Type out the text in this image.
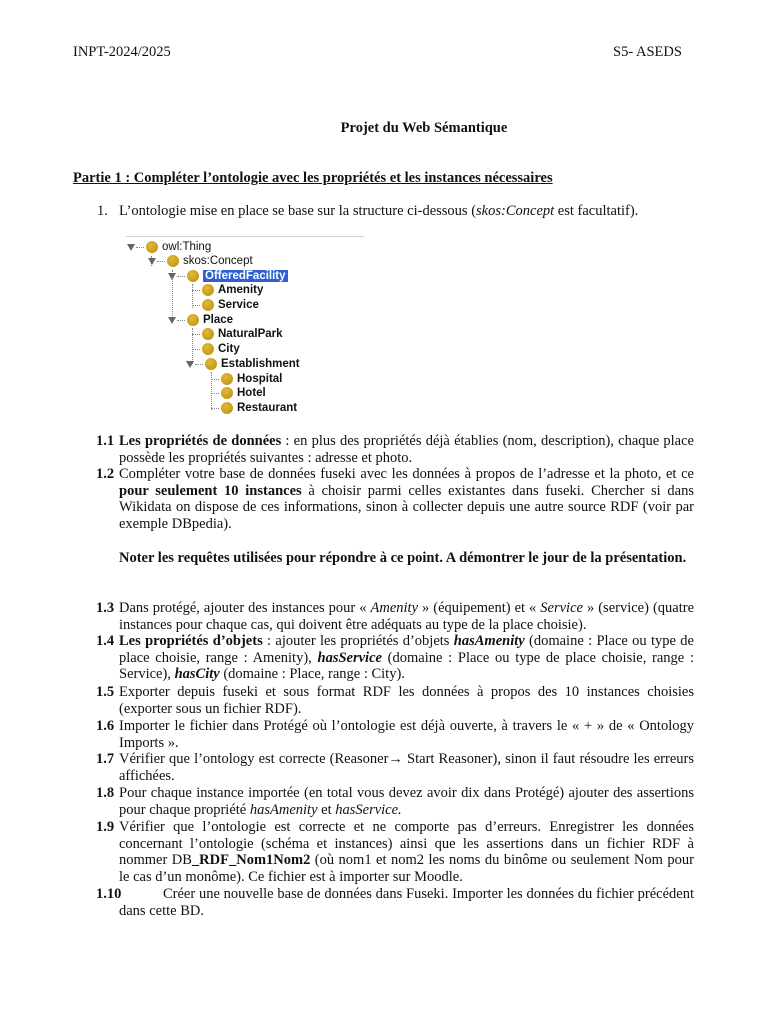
INPT-2024/2025	S5- ASEDS
Projet du Web Sémantique
Partie 1 : Compléter l’ontologie avec les propriétés et les instances nécessaires
1. L’ontologie mise en place se base sur la structure ci-dessous (skos:Concept est facultatif).
owl:Thing
skos:Concept
OfferedFacility
Amenity
Service
Place
NaturalPark
City
Establishment
Hospital
Hotel
Restaurant
1.1 Les propriétés de données : en plus des propriétés déjà établies (nom, description), chaque place possède les propriétés suivantes : adresse et photo.
1.2 Compléter votre base de données fuseki avec les données à propos de l’adresse et la photo, et ce pour seulement 10 instances à choisir parmi celles existantes dans fuseki. Chercher si dans Wikidata on dispose de ces informations, sinon à collecter depuis une autre source RDF (voir par exemple DBpedia).
Noter les requêtes utilisées pour répondre à ce point. A démontrer le jour de la présentation.
1.3 Dans protégé, ajouter des instances pour « Amenity » (équipement) et « Service » (service) (quatre instances pour chaque cas, qui doivent être adéquats au type de la place choisie).
1.4 Les propriétés d’objets : ajouter les propriétés d’objets hasAmenity (domaine : Place ou type de place choisie, range : Amenity), hasService (domaine : Place ou type de place choisie, range : Service), hasCity (domaine : Place, range : City).
1.5 Exporter depuis fuseki et sous format RDF les données à propos des 10 instances choisies (exporter sous un fichier RDF).
1.6 Importer le fichier dans Protégé où l’ontologie est déjà ouverte, à travers le « + » de « Ontology Imports ».
1.7 Vérifier que l’ontology est correcte (Reasoner→ Start Reasoner), sinon il faut résoudre les erreurs affichées.
1.8 Pour chaque instance importée (en total vous devez avoir dix dans Protégé) ajouter des assertions pour chaque propriété hasAmenity et hasService.
1.9 Vérifier que l’ontologie est correcte et ne comporte pas d’erreurs. Enregistrer les données concernant l’ontologie (schéma et instances) ainsi que les assertions dans un fichier RDF à nommer DB_RDF_Nom1Nom2 (où nom1 et nom2 les noms du binôme ou seulement Nom pour le cas d’un monôme). Ce fichier est à importer sur Moodle.
1.10	Créer une nouvelle base de données dans Fuseki. Importer les données du fichier précédent dans cette BD.
